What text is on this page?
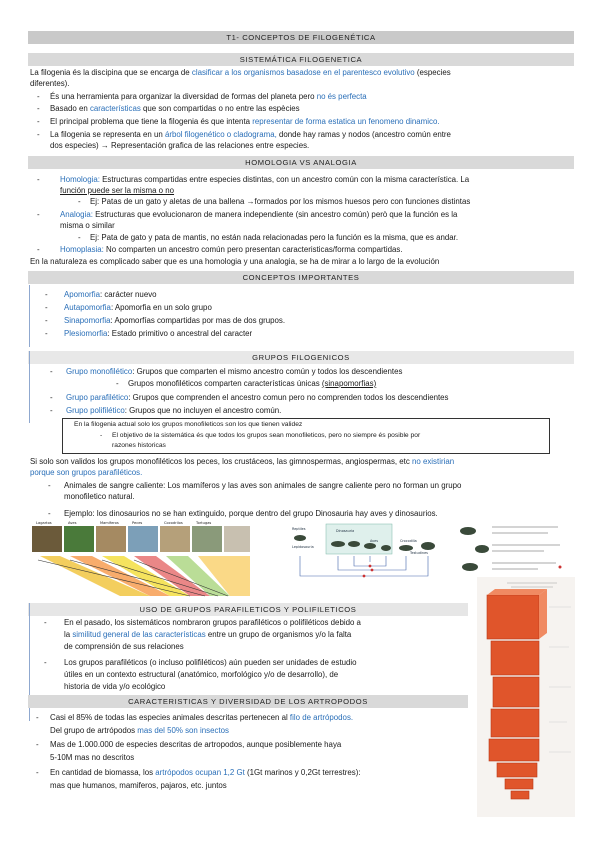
T1- CONCEPTOS DE FILOGENÉTICA
SISTEMÁTICA FILOGENETICA
La filogenia és la discipina que se encarga de clasificar a los organismos basadose en el parentesco evolutivo (especies
diferentes).
- És una herramienta para organizar la diversidad de formas del planeta pero no és perfecta
- Basado en características que son compartidas o no entre las espècies
- El principal problema que tiene la filogenia és que intenta representar de forma estatica un fenomeno dinamico.
- La filogenia se representa en un árbol filogenético o cladograma, donde hay ramas y nodos (ancestro común entre
dos especies) → Representación grafica de las relaciones entre especies.
HOMOLOGIA VS ANALOGIA
-	Homologia: Estructuras compartidas entre especies distintas, con un ancestro común con la misma característica. La
función puede ser la misma o no
- Ej: Patas de un gato y aletas de una ballena →formados por los mismos huesos pero con funciones distintas
-	Analogia: Estructuras que evolucionaron de manera independiente (sin ancestro común) però que la función es la
misma o similar
- Ej: Pata de gato y pata de mantis, no están nada relacionadas pero la función es la misma, que es andar.
-	Homoplasia: No comparten un ancestro común pero presentan caracteristicas/forma compartidas.
En la naturaleza es complicado saber que es una homologia y una analogia, se ha de mirar a lo largo de la evolución
CONCEPTOS IMPORTANTES
- Apomorfia: carácter nuevo
- Autapomorfia: Apomorfia en un solo grupo
- Sinapomorfia: Apomorfías compartidas por mas de dos grupos.
- Plesiomorfia: Estado primitivo o ancestral del caracter
GRUPOS FILOGENICOS
- Grupo monofilético: Grupos que comparten el mismo ancestro común y todos los descendientes
- Grupos monofiléticos comparten características únicas (sinapomorfias)
- Grupo parafilético: Grupos que comprenden el ancestro comun pero no comprenden todos los descendientes
- Grupo polifilético: Grupos que no incluyen el ancestro común.
En la filogenia actual solo los grupos monofileticos son los que tienen validez
- El objetivo de la sistemática és que todos los grupos sean monofileticos, pero no siempre és posible por
razones historicas
Si solo son validos los grupos monofiléticos los peces, los crustáceos, las gimnospermas, angiospermas, etc no existirian
porque son grupos parafiléticos.
- Animales de sangre caliente: Los mamíferos y las aves son animales de sangre caliente pero no forman un grupo
monofiletico natural.
- Ejemplo: los dinosaurios no se han extinguido, porque dentro del grupo Dinosauria hay aves y dinosaurios.
Lagartos	Aves	Mamíferos	Peces	Cocodrilos	Tortugas
Dinosauria
Aves
Reptiles
Crocodilia
Lepidosauria
Testudines
USO DE GRUPOS PARAFILETICOS Y POLIFILETICOS
- En el pasado, los sistemáticos nombraron grupos parafiléticos o polifiléticos debido a
la similitud general de las características entre un grupo de organismos y/o la falta
de comprensión de sus relaciones
- Los grupos parafiléticos (o incluso polifiléticos) aún pueden ser unidades de estudio
útiles en un contexto estructural (anatómico, morfológico y/o de desarrollo), de
historia de vida y/o ecológico
CARACTERISTICAS Y DIVERSIDAD DE LOS ARTROPODOS
- Casi el 85% de todas las especies animales descritas pertenecen al filo de artrópodos.
Del grupo de artrópodos mas del 50% son insectos
- Mas de 1.000.000 de especies descritas de artropodos, aunque posiblemente haya
5-10M mas no descritos
- En cantidad de biomassa, los artrópodos ocupan 1,2 Gt (1Gt marinos y 0,2Gt terrestres):
mas que humanos, mamiferos, pajaros, etc. juntos
